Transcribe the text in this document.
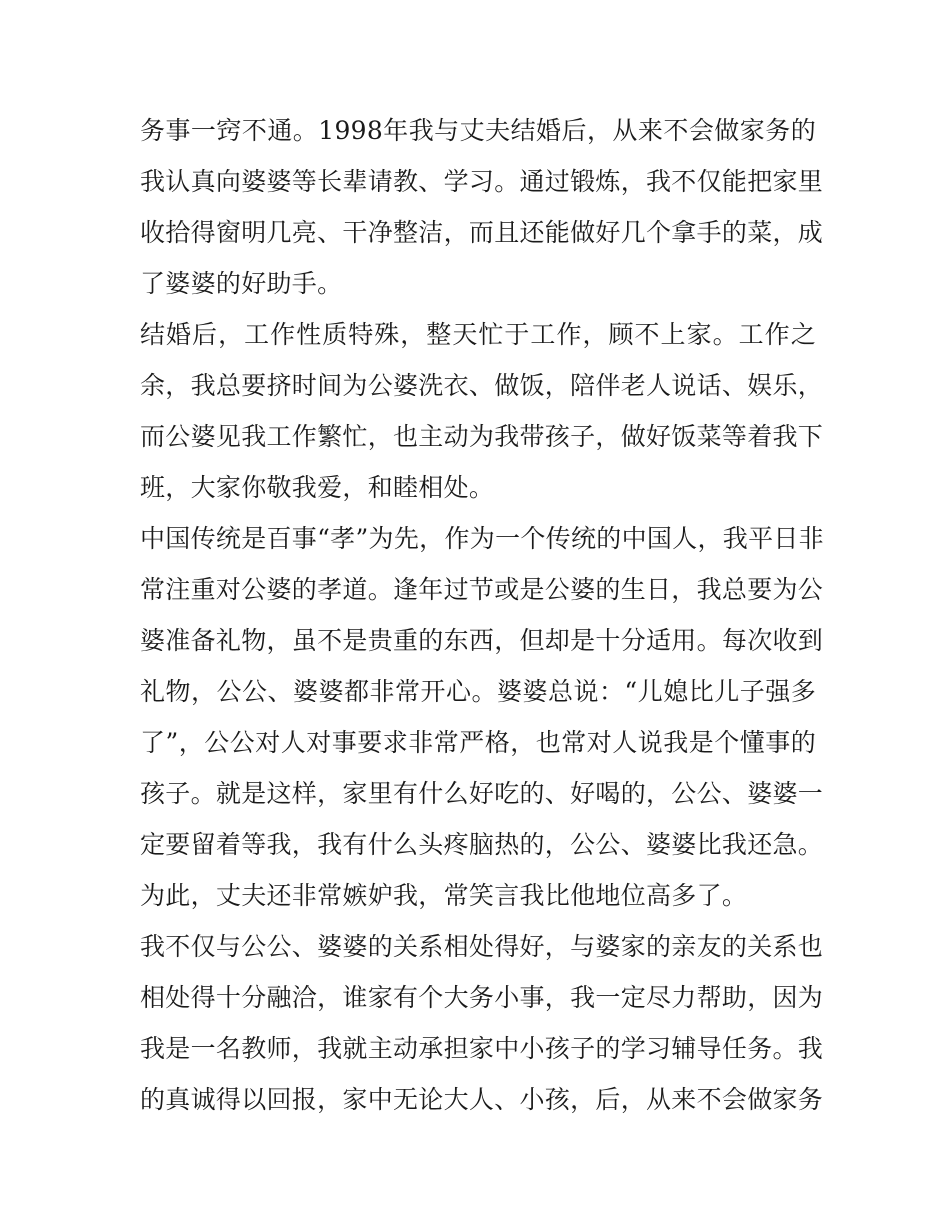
务事一窍不通。1998年我与丈夫结婚后，从来不会做家务的
我认真向婆婆等长辈请教、学习。通过锻炼，我不仅能把家里
收拾得窗明几亮、干净整洁，而且还能做好几个拿手的菜，成
了婆婆的好助手。
结婚后，工作性质特殊，整天忙于工作，顾不上家。工作之
余，我总要挤时间为公婆洗衣、做饭，陪伴老人说话、娱乐，
而公婆见我工作繁忙，也主动为我带孩子，做好饭菜等着我下
班，大家你敬我爱，和睦相处。
中国传统是百事“孝”为先，作为一个传统的中国人，我平日非
常注重对公婆的孝道。逢年过节或是公婆的生日，我总要为公
婆准备礼物，虽不是贵重的东西，但却是十分适用。每次收到
礼物，公公、婆婆都非常开心。婆婆总说：“儿媳比儿子强多
了”，公公对人对事要求非常严格，也常对人说我是个懂事的
孩子。就是这样，家里有什么好吃的、好喝的，公公、婆婆一
定要留着等我，我有什么头疼脑热的，公公、婆婆比我还急。
为此，丈夫还非常嫉妒我，常笑言我比他地位高多了。
我不仅与公公、婆婆的关系相处得好，与婆家的亲友的关系也
相处得十分融洽，谁家有个大务小事，我一定尽力帮助，因为
我是一名教师，我就主动承担家中小孩子的学习辅导任务。我
的真诚得以回报，家中无论大人、小孩，后，从来不会做家务
